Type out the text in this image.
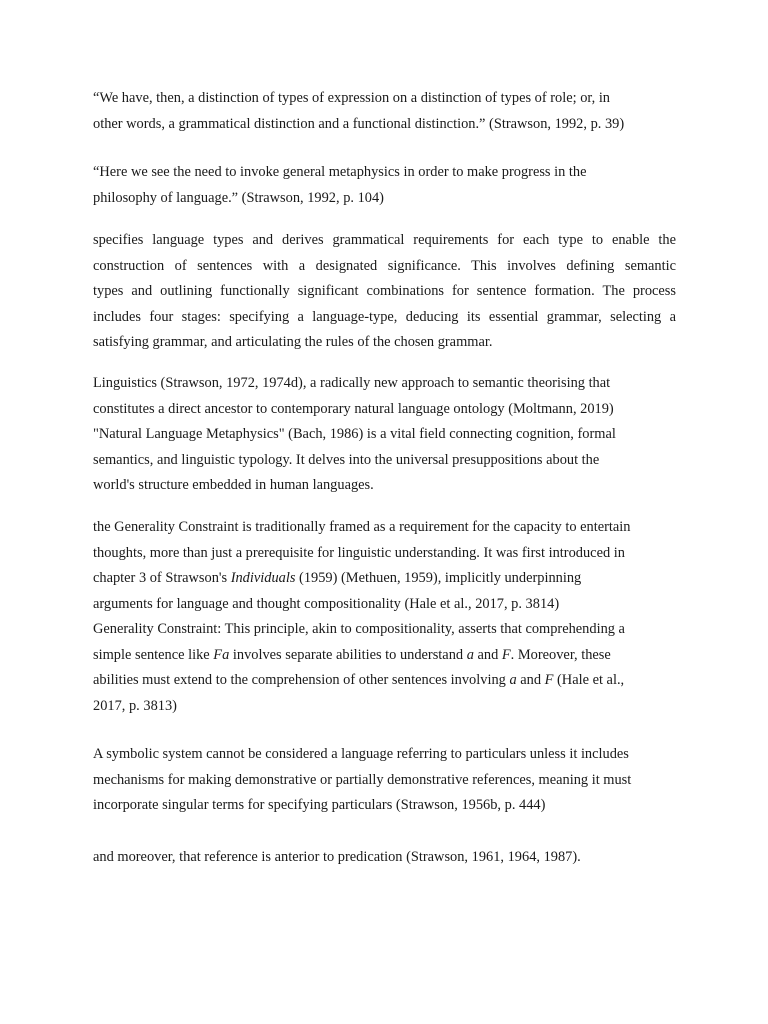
“We have, then, a distinction of types of expression on a distinction of types of role; or, in
other words, a grammatical distinction and a functional distinction.” (Strawson, 1992, p. 39)

“Here we see the need to invoke general metaphysics in order to make progress in the
philosophy of language.” (Strawson, 1992, p. 104)

specifies language types and derives grammatical requirements for each type to enable the
construction of sentences with a designated significance. This involves defining semantic
types and outlining functionally significant combinations for sentence formation. The process
includes four stages: specifying a language-type, deducing its essential grammar, selecting a
satisfying grammar, and articulating the rules of the chosen grammar.

Linguistics (Strawson, 1972, 1974d), a radically new approach to semantic theorising that
constitutes a direct ancestor to contemporary natural language ontology (Moltmann, 2019)
"Natural Language Metaphysics" (Bach, 1986) is a vital field connecting cognition, formal
semantics, and linguistic typology. It delves into the universal presuppositions about the
world's structure embedded in human languages.

the Generality Constraint is traditionally framed as a requirement for the capacity to entertain
thoughts, more than just a prerequisite for linguistic understanding. It was first introduced in
chapter 3 of Strawson's Individuals (1959) (Methuen, 1959), implicitly underpinning
arguments for language and thought compositionality (Hale et al., 2017, p. 3814)
Generality Constraint: This principle, akin to compositionality, asserts that comprehending a
simple sentence like Fa involves separate abilities to understand a and F. Moreover, these
abilities must extend to the comprehension of other sentences involving a and F (Hale et al.,
2017, p. 3813)

A symbolic system cannot be considered a language referring to particulars unless it includes
mechanisms for making demonstrative or partially demonstrative references, meaning it must
incorporate singular terms for specifying particulars (Strawson, 1956b, p. 444)

and moreover, that reference is anterior to predication (Strawson, 1961, 1964, 1987).
